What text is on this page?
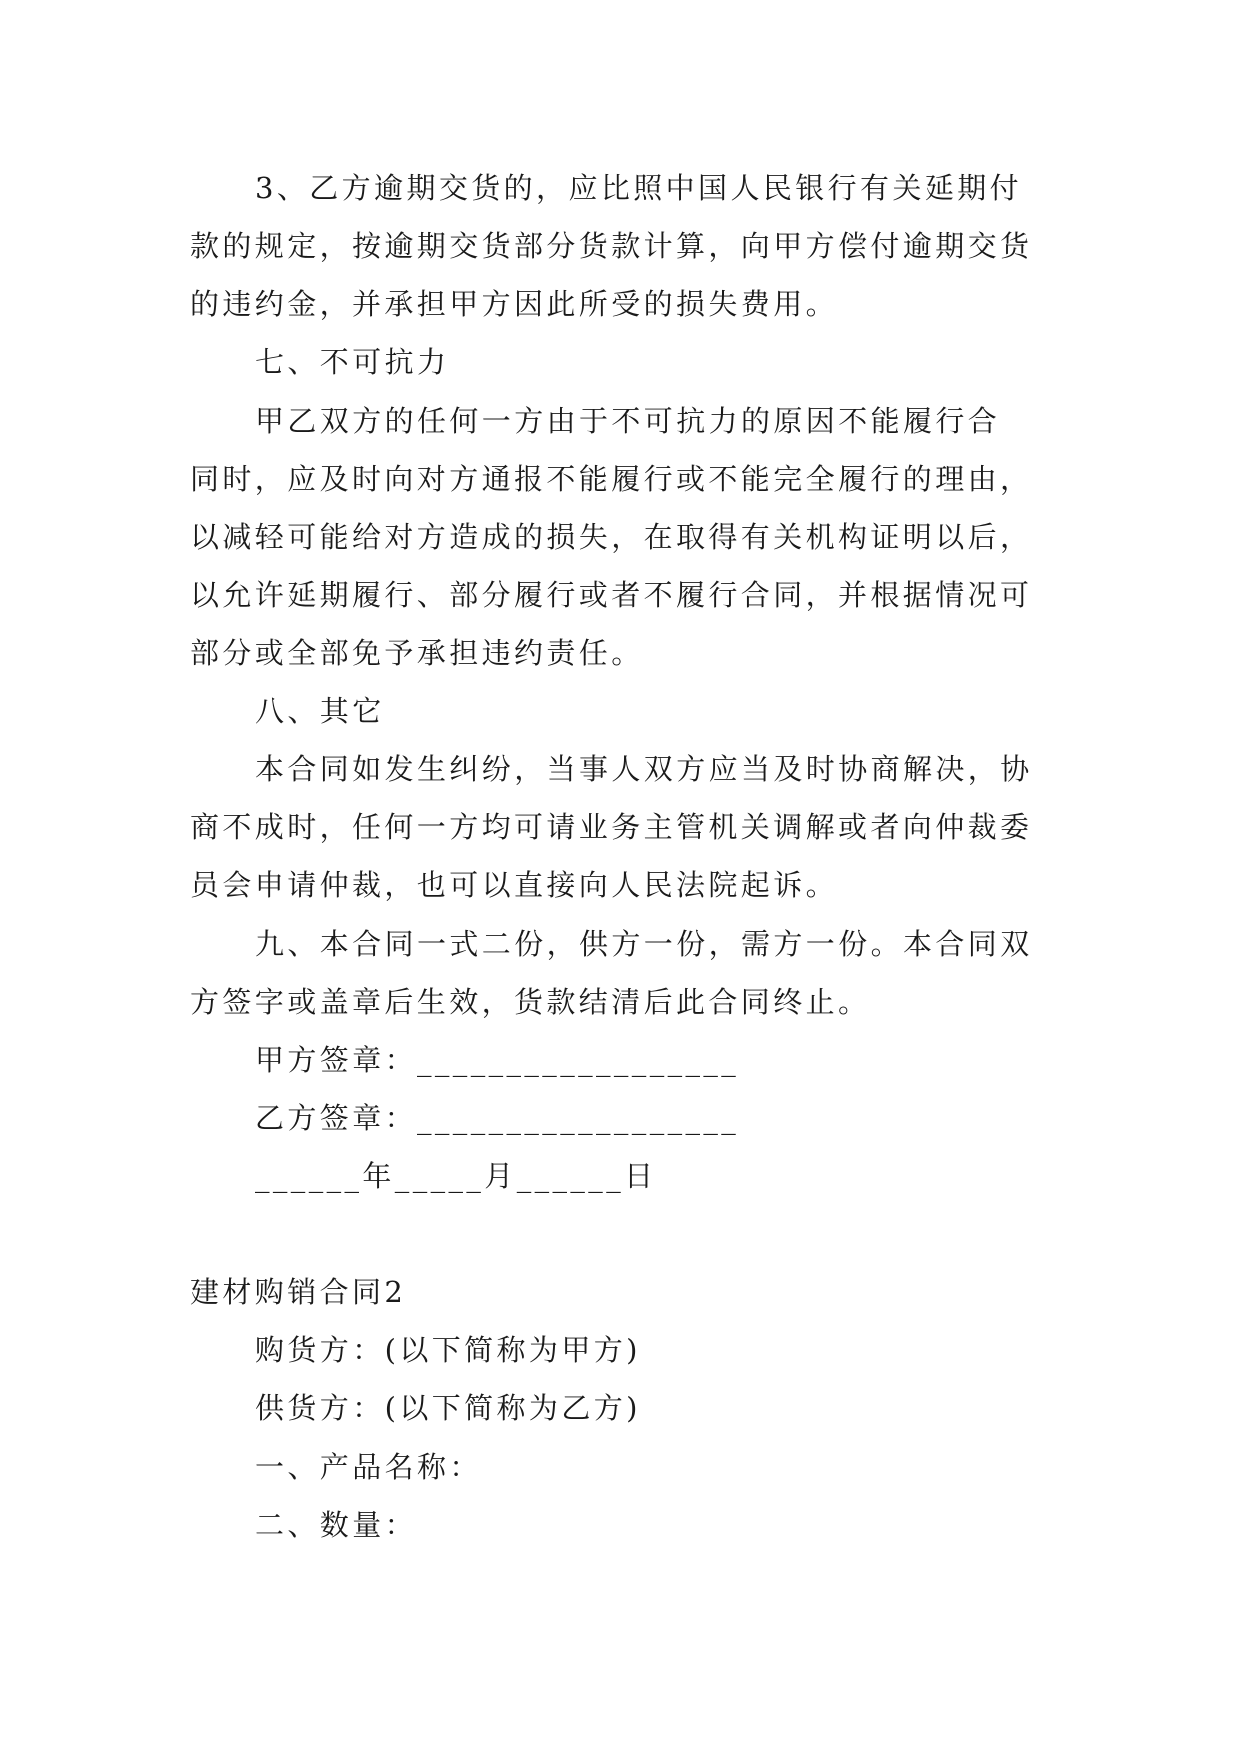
3、乙方逾期交货的，应比照中国人民银行有关延期付
款的规定，按逾期交货部分货款计算，向甲方偿付逾期交货
的违约金，并承担甲方因此所受的损失费用。
七、不可抗力
甲乙双方的任何一方由于不可抗力的原因不能履行合
同时，应及时向对方通报不能履行或不能完全履行的理由，
以减轻可能给对方造成的损失，在取得有关机构证明以后，
以允许延期履行、部分履行或者不履行合同，并根据情况可
部分或全部免予承担违约责任。
八、其它
本合同如发生纠纷，当事人双方应当及时协商解决，协
商不成时，任何一方均可请业务主管机关调解或者向仲裁委
员会申请仲裁，也可以直接向人民法院起诉。
九、本合同一式二份，供方一份，需方一份。本合同双
方签字或盖章后生效，货款结清后此合同终止。
甲方签章：__________________
乙方签章：__________________
______年_____月______日
建材购销合同2
购货方：(以下简称为甲方)
供货方：(以下简称为乙方)
一、产品名称：
二、数量：
